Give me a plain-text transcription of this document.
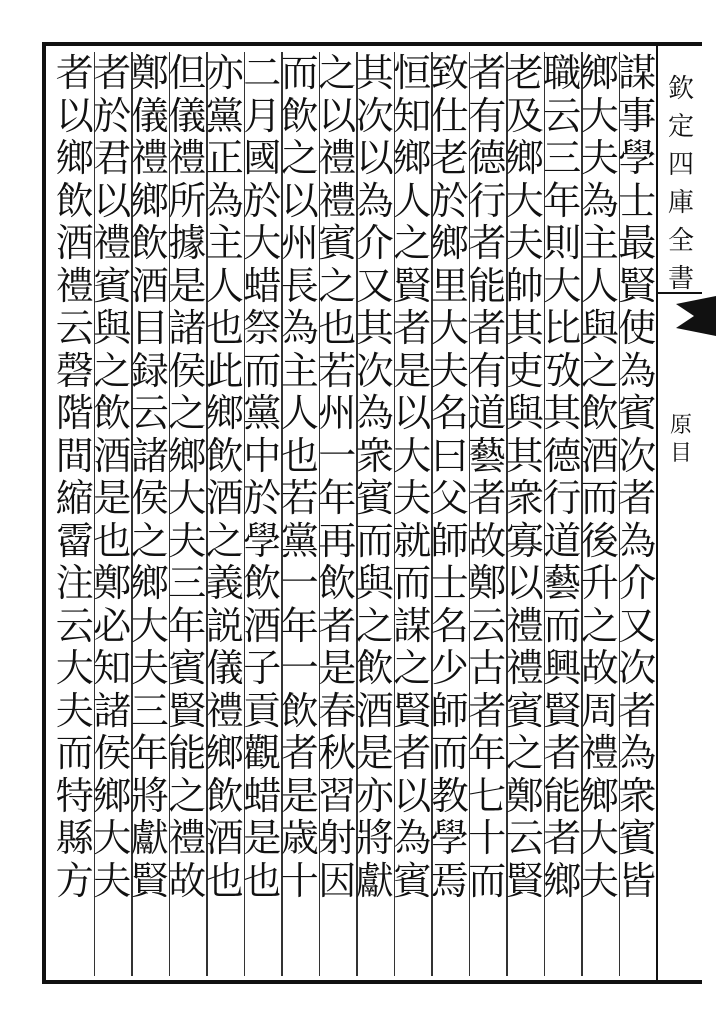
欽
定
四
庫
全
書
原
目
謀
事
學
士
最
賢
使
為
賓
次
者
為
介
又
次
者
為
衆
賓
皆
鄉
大
夫
為
主
人
與
之
飲
酒
而
後
升
之
故
周
禮
鄉
大
夫
職
云
三
年
則
大
比
攷
其
德
行
道
藝
而
興
賢
者
能
者
鄉
老
及
鄉
大
夫
帥
其
吏
與
其
衆
寡
以
禮
禮
賓
之
鄭
云
賢
者
有
德
行
者
能
者
有
道
藝
者
故
鄭
云
古
者
年
七
十
而
致
仕
老
於
鄉
里
大
夫
名
曰
父
師
士
名
少
師
而
教
學
焉
恒
知
鄉
人
之
賢
者
是
以
大
夫
就
而
謀
之
賢
者
以
為
賓
其
次
以
為
介
又
其
次
為
衆
賓
而
與
之
飲
酒
是
亦
將
獻
之
以
禮
禮
賓
之
也
若
州
一
年
再
飲
者
是
春
秋
習
射
因
而
飲
之
以
州
長
為
主
人
也
若
黨
一
年
一
飲
者
是
歳
十
二
月
國
於
大
蜡
祭
而
黨
中
於
學
飲
酒
子
貢
觀
蜡
是
也
亦
黨
正
為
主
人
也
此
鄉
飲
酒
之
義
説
儀
禮
鄉
飲
酒
也
但
儀
禮
所
據
是
諸
侯
之
鄉
大
夫
三
年
賓
賢
能
之
禮
故
鄭
儀
禮
鄉
飲
酒
目
録
云
諸
侯
之
鄉
大
夫
三
年
將
獻
賢
者
於
君
以
禮
賓
與
之
飲
酒
是
也
鄭
必
知
諸
侯
鄉
大
夫
者
以
鄉
飲
酒
禮
云
磬
階
間
縮
霤
注
云
大
夫
而
特
縣
方
